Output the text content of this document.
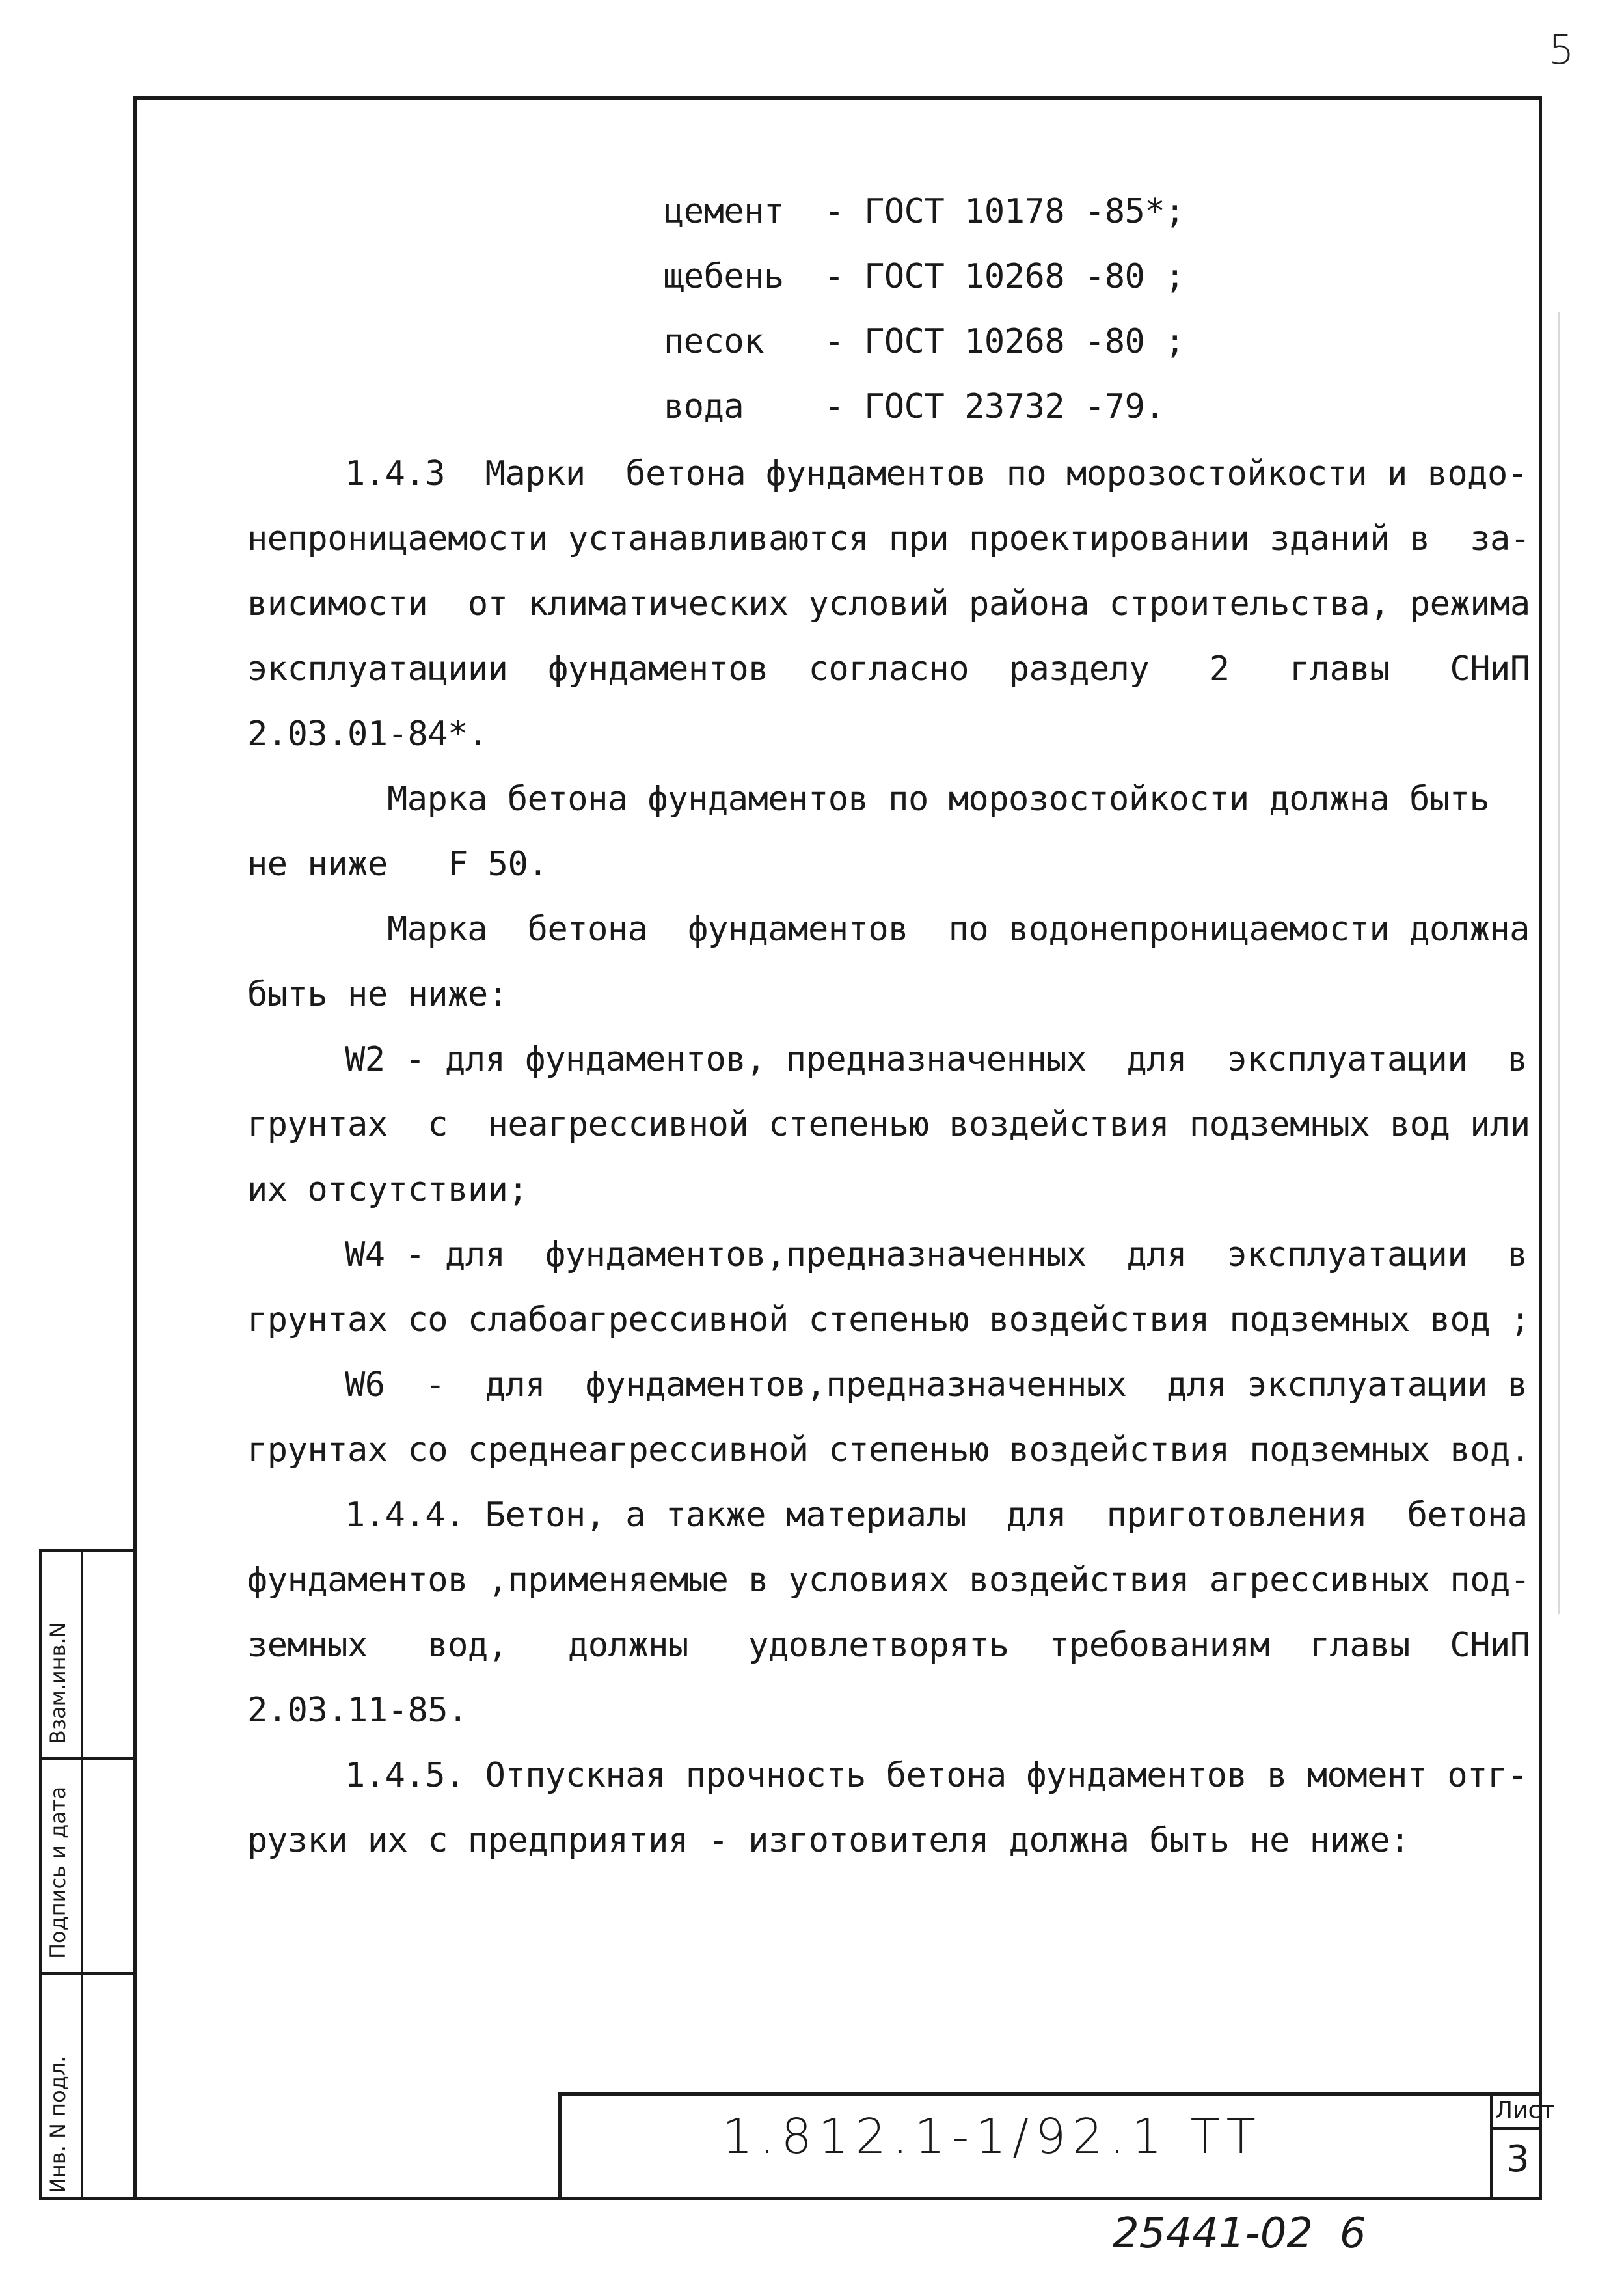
5
цемент  - ГОСТ 10178 -85*;
щебень  - ГОСТ 10268 -80 ;
песок   - ГОСТ 10268 -80 ;
вода    - ГОСТ 23732 -79.
1.4.3  Марки  бетона фундаментов по морозостойкости и водо-
непроницаемости устанавливаются при проектировании зданий в  за-
висимости  от климатических условий района строительства, режима
эксплуатациии  фундаментов  согласно  разделу   2   главы   СНиП
2.03.01-84*.
Марка бетона фундаментов по морозостойкости должна быть
не ниже   F 50.
Марка  бетона  фундаментов  по водонепроницаемости должна
быть не ниже:
W2 - для фундаментов, предназначенных  для  эксплуатации  в
грунтах  с  неагрессивной степенью воздействия подземных вод или
их отсутствии;
W4 - для  фундаментов,предназначенных  для  эксплуатации  в
грунтах со слабоагрессивной степенью воздействия подземных вод ;
W6  -  для  фундаментов,предназначенных  для эксплуатации в
грунтах со среднеагрессивной степенью воздействия подземных вод.
1.4.4. Бетон, а также материалы  для  приготовления  бетона
фундаментов ,применяемые в условиях воздействия агрессивных под-
земных   вод,   должны   удовлетворять  требованиям  главы  СНиП
2.03.11-85.
1.4.5. Отпускная прочность бетона фундаментов в момент отг-
рузки их с предприятия - изготовителя должна быть не ниже:
1.812.1-1/92.1 ТТ	Лист
3
25441-02  6
Взам.инв.N
Подпись и дата
Инв. N подл.
